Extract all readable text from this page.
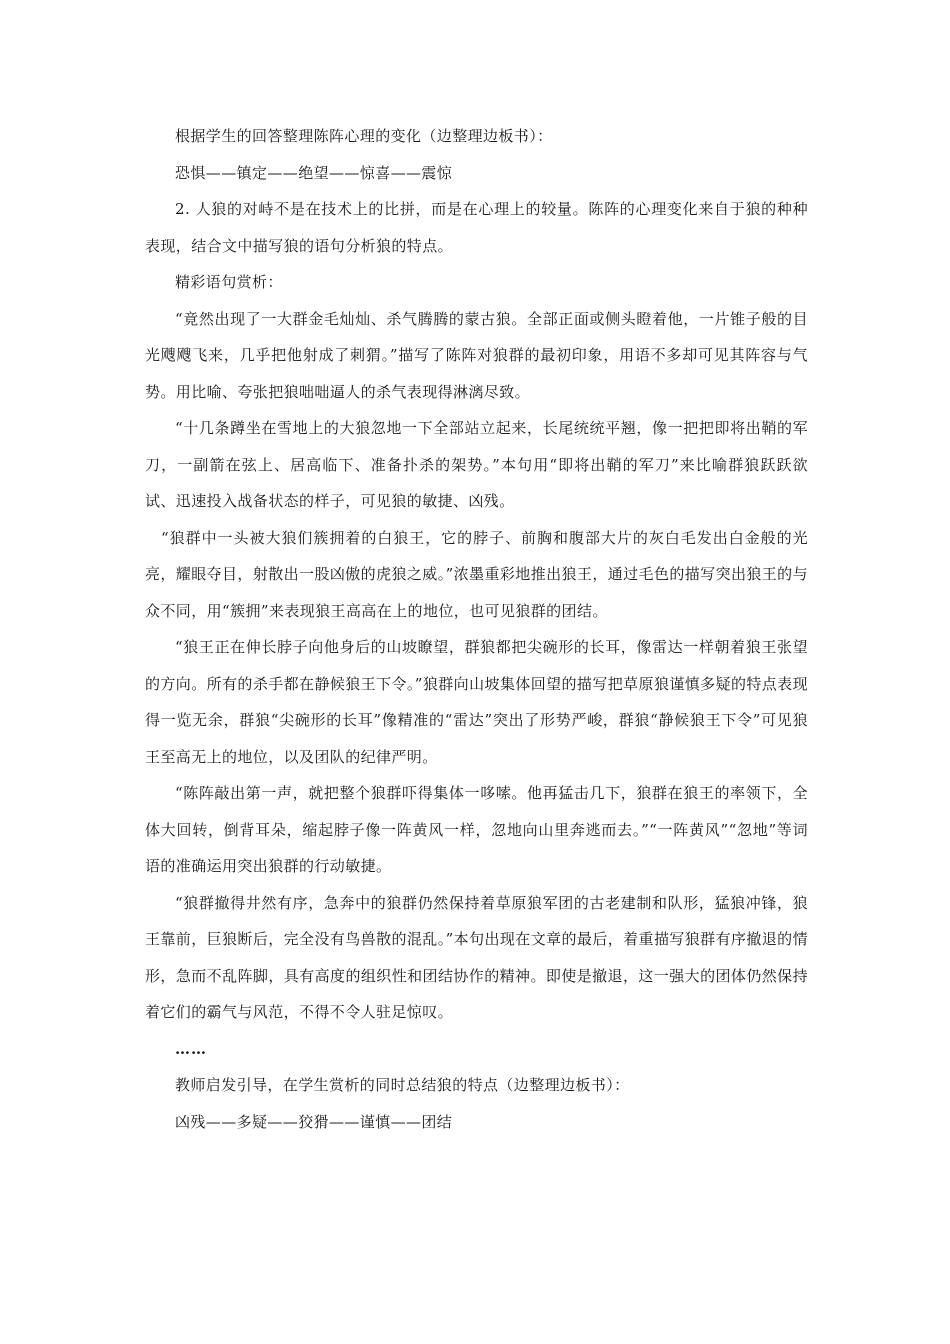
根据学生的回答整理陈阵心理的变化（边整理边板书）：

恐惧——镇定——绝望——惊喜——震惊

2. 人狼的对峙不是在技术上的比拼，而是在心理上的较量。陈阵的心理变化来自于狼的种种表现，结合文中描写狼的语句分析狼的特点。

精彩语句赏析：

“竟然出现了一大群金毛灿灿、杀气腾腾的蒙古狼。全部正面或侧头瞪着他，一片锥子般的目光飕飕飞来，几乎把他射成了刺猬。”描写了陈阵对狼群的最初印象，用语不多却可见其阵容与气势。用比喻、夸张把狼咄咄逼人的杀气表现得淋漓尽致。

“十几条蹲坐在雪地上的大狼忽地一下全部站立起来，长尾统统平翘，像一把把即将出鞘的军刀，一副箭在弦上、居高临下、准备扑杀的架势。”本句用“即将出鞘的军刀”来比喻群狼跃跃欲试、迅速投入战备状态的样子，可见狼的敏捷、凶残。

“狼群中一头被大狼们簇拥着的白狼王，它的脖子、前胸和腹部大片的灰白毛发出白金般的光亮，耀眼夺目，射散出一股凶傲的虎狼之威。”浓墨重彩地推出狼王，通过毛色的描写突出狼王的与众不同，用“簇拥”来表现狼王高高在上的地位，也可见狼群的团结。

“狼王正在伸长脖子向他身后的山坡瞭望，群狼都把尖碗形的长耳，像雷达一样朝着狼王张望的方向。所有的杀手都在静候狼王下令。”狼群向山坡集体回望的描写把草原狼谨慎多疑的特点表现得一览无余，群狼“尖碗形的长耳”像精准的“雷达”突出了形势严峻，群狼“静候狼王下令”可见狼王至高无上的地位，以及团队的纪律严明。

“陈阵敲出第一声，就把整个狼群吓得集体一哆嗦。他再猛击几下，狼群在狼王的率领下，全体大回转，倒背耳朵，缩起脖子像一阵黄风一样，忽地向山里奔逃而去。”“一阵黄风”“忽地”等词语的准确运用突出狼群的行动敏捷。

“狼群撤得井然有序，急奔中的狼群仍然保持着草原狼军团的古老建制和队形，猛狼冲锋，狼王靠前，巨狼断后，完全没有鸟兽散的混乱。”本句出现在文章的最后，着重描写狼群有序撤退的情形，急而不乱阵脚，具有高度的组织性和团结协作的精神。即使是撤退，这一强大的团体仍然保持着它们的霸气与风范，不得不令人驻足惊叹。

……

教师启发引导，在学生赏析的同时总结狼的特点（边整理边板书）：

凶残——多疑——狡猾——谨慎——团结
